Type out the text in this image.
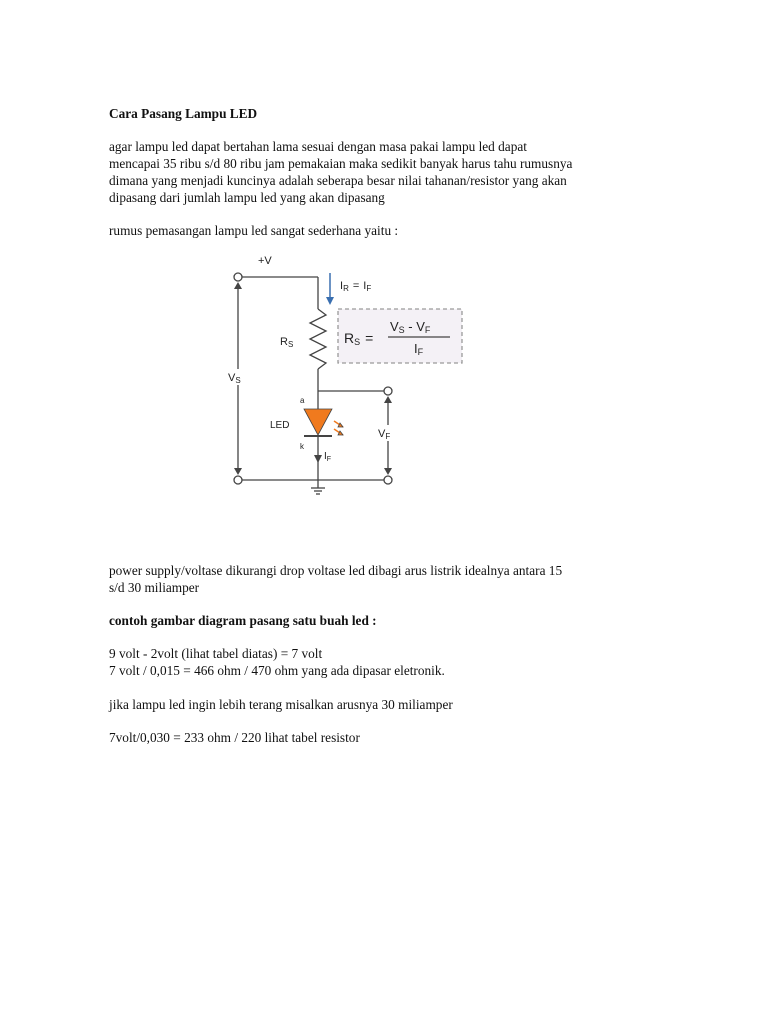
Cara Pasang Lampu LED

agar lampu led dapat bertahan lama sesuai dengan masa pakai lampu led dapat
mencapai 35 ribu s/d 80 ribu jam pemakaian maka sedikit banyak harus tahu rumusnya
dimana yang menjadi kuncinya adalah seberapa besar nilai tahanan/resistor yang akan
dipasang dari jumlah lampu led yang akan dipasang

rumus pemasangan lampu led sangat sederhana yaitu :

+V
VS
VF
IR = IF
RS
a
LED
k
$I_F$
RS =
VS - VF
IF

power supply/voltase dikurangi drop voltase led dibagi arus listrik idealnya antara 15
s/d 30 miliamper

contoh gambar diagram pasang satu buah led :

9 volt - 2volt (lihat tabel diatas) = 7 volt
7 volt / 0,015 = 466 ohm / 470 ohm yang ada dipasar eletronik.

jika lampu led ingin lebih terang misalkan arusnya 30 miliamper

7volt/0,030 = 233 ohm / 220 lihat tabel resistor
